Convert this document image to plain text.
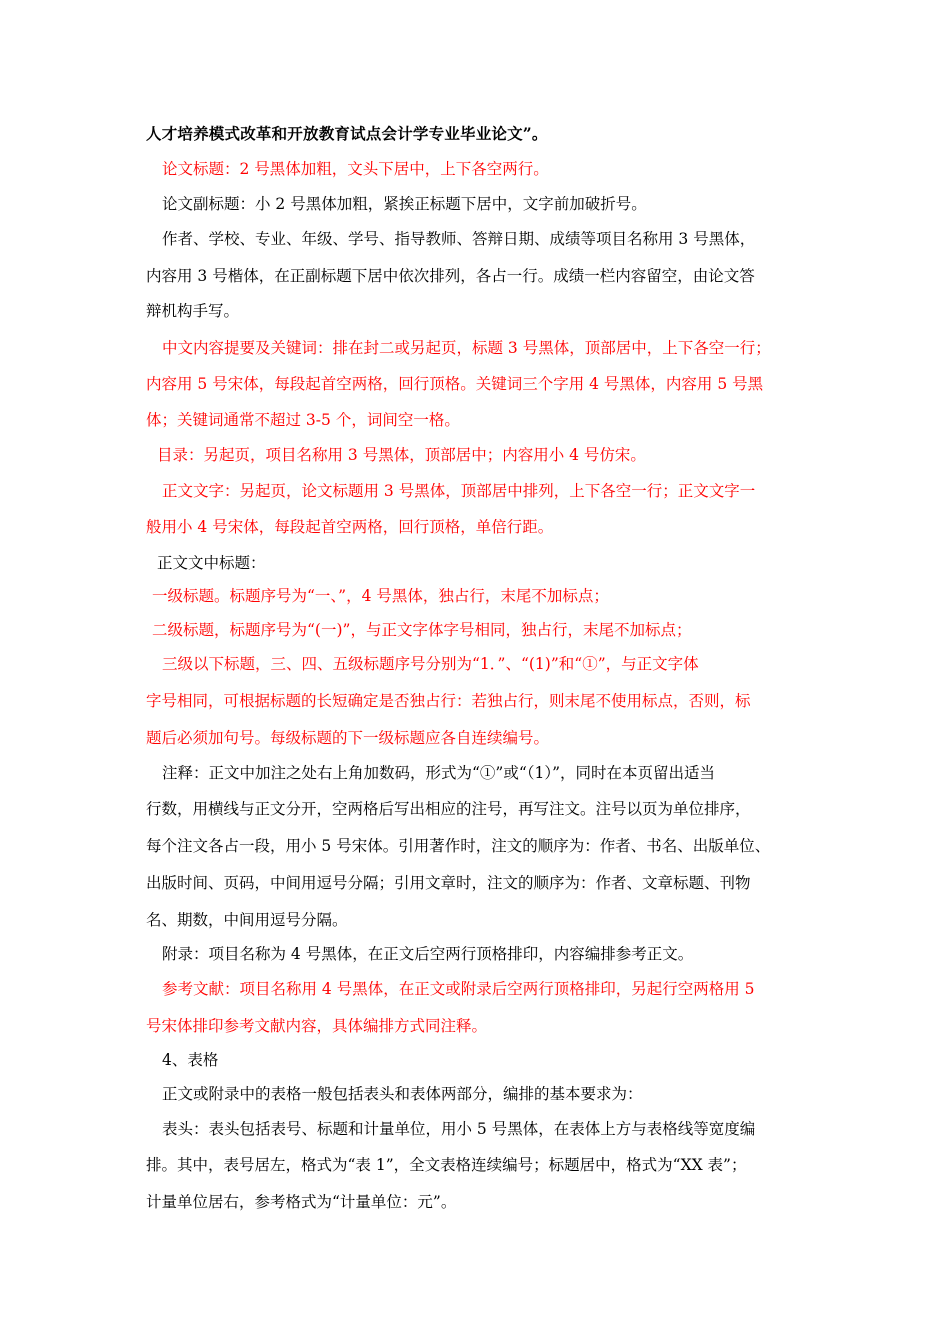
人才培养模式改革和开放教育试点会计学专业毕业论文”。
论文标题：2 号黑体加粗，文头下居中，上下各空两行。
论文副标题：小 2 号黑体加粗，紧挨正标题下居中，文字前加破折号。
作者、学校、专业、年级、学号、指导教师、答辩日期、成绩等项目名称用 3 号黑体，
内容用 3 号楷体，在正副标题下居中依次排列，各占一行。成绩一栏内容留空，由论文答
辩机构手写。
中文内容提要及关键词：排在封二或另起页，标题 3 号黑体，顶部居中，上下各空一行；
内容用 5 号宋体，每段起首空两格，回行顶格。关键词三个字用 4 号黑体，内容用 5 号黑
体；关键词通常不超过 3-5 个，词间空一格。
目录：另起页，项目名称用 3 号黑体，顶部居中；内容用小 4 号仿宋。
正文文字：另起页，论文标题用 3 号黑体，顶部居中排列，上下各空一行；正文文字一
般用小 4 号宋体，每段起首空两格，回行顶格，单倍行距。
正文文中标题：
一级标题。标题序号为“一、”，4 号黑体，独占行，末尾不加标点；
二级标题，标题序号为“(一)”，与正文字体字号相同，独占行，末尾不加标点；
三级以下标题，三、四、五级标题序号分别为“1．”、“(1)”和“①”，与正文字体
字号相同，可根据标题的长短确定是否独占行：若独占行，则末尾不使用标点，否则，标
题后必须加句号。每级标题的下一级标题应各自连续编号。
注释：正文中加注之处右上角加数码，形式为“①”或“（1）”，同时在本页留出适当
行数，用横线与正文分开，空两格后写出相应的注号，再写注文。注号以页为单位排序，
每个注文各占一段，用小 5 号宋体。引用著作时，注文的顺序为：作者、书名、出版单位、
出版时间、页码，中间用逗号分隔；引用文章时，注文的顺序为：作者、文章标题、刊物
名、期数，中间用逗号分隔。
附录：项目名称为 4 号黑体，在正文后空两行顶格排印，内容编排参考正文。
参考文献：项目名称用 4 号黑体，在正文或附录后空两行顶格排印，另起行空两格用 5
号宋体排印参考文献内容，具体编排方式同注释。
4、表格
正文或附录中的表格一般包括表头和表体两部分，编排的基本要求为：
表头：表头包括表号、标题和计量单位，用小 5 号黑体，在表体上方与表格线等宽度编
排。其中，表号居左，格式为“表 1”，全文表格连续编号；标题居中，格式为“XX 表”；
计量单位居右，参考格式为“计量单位：元”。
